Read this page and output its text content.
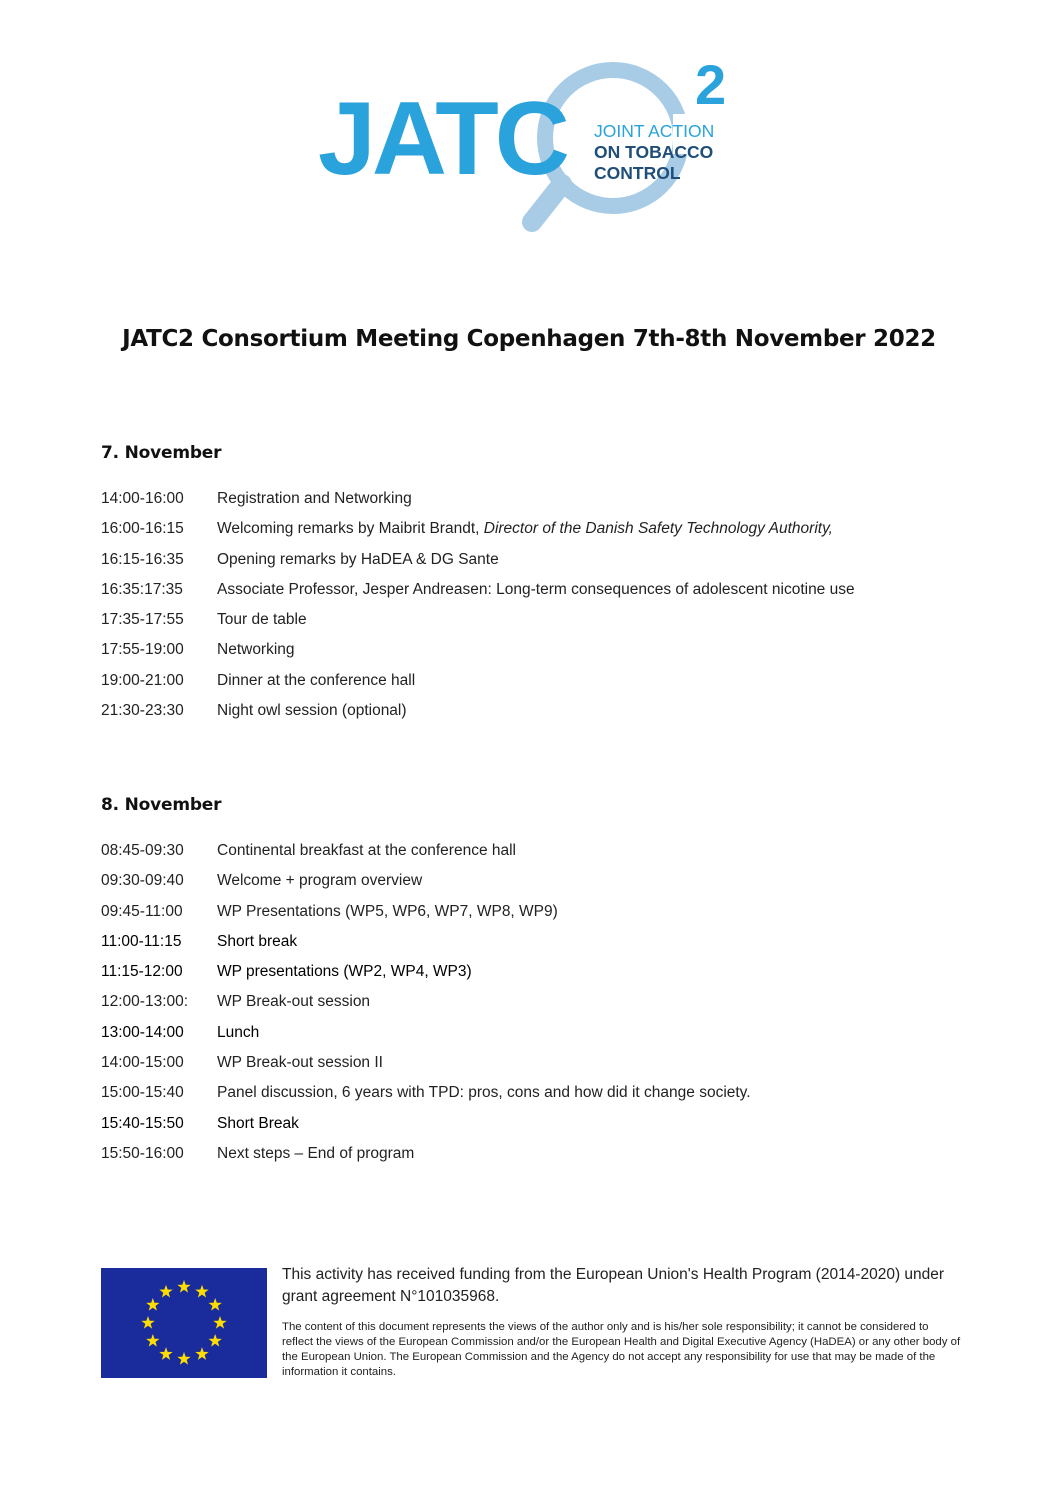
JATC 2
JOINT ACTION
ON TOBACCO
CONTROL
JATC2 Consortium Meeting Copenhagen 7th-8th November 2022
7. November
14:00-16:00	Registration and Networking
16:00-16:15	Welcoming remarks by Maibrit Brandt, Director of the Danish Safety Technology Authority,
16:15-16:35	Opening remarks by HaDEA & DG Sante
16:35:17:35	Associate Professor, Jesper Andreasen: Long-term consequences of adolescent nicotine use
17:35-17:55	Tour de table
17:55-19:00	Networking
19:00-21:00	Dinner at the conference hall
21:30-23:30	Night owl session (optional)
8. November
08:45-09:30	Continental breakfast at the conference hall
09:30-09:40	Welcome + program overview
09:45-11:00	WP Presentations (WP5, WP6, WP7, WP8, WP9)
11:00-11:15	Short break
11:15-12:00	WP presentations (WP2, WP4, WP3)
12:00-13:00:	WP Break-out session
13:00-14:00	Lunch
14:00-15:00	WP Break-out session II
15:00-15:40	Panel discussion, 6 years with TPD: pros, cons and how did it change society.
15:40-15:50	Short Break
15:50-16:00	Next steps – End of program

This activity has received funding from the European Union's Health Program (2014-2020) under grant agreement N°101035968.

The content of this document represents the views of the author only and is his/her sole responsibility; it cannot be considered to reflect the views of the European Commission and/or the European Health and Digital Executive Agency (HaDEA) or any other body of the European Union. The European Commission and the Agency do not accept any responsibility for use that may be made of the information it contains.
